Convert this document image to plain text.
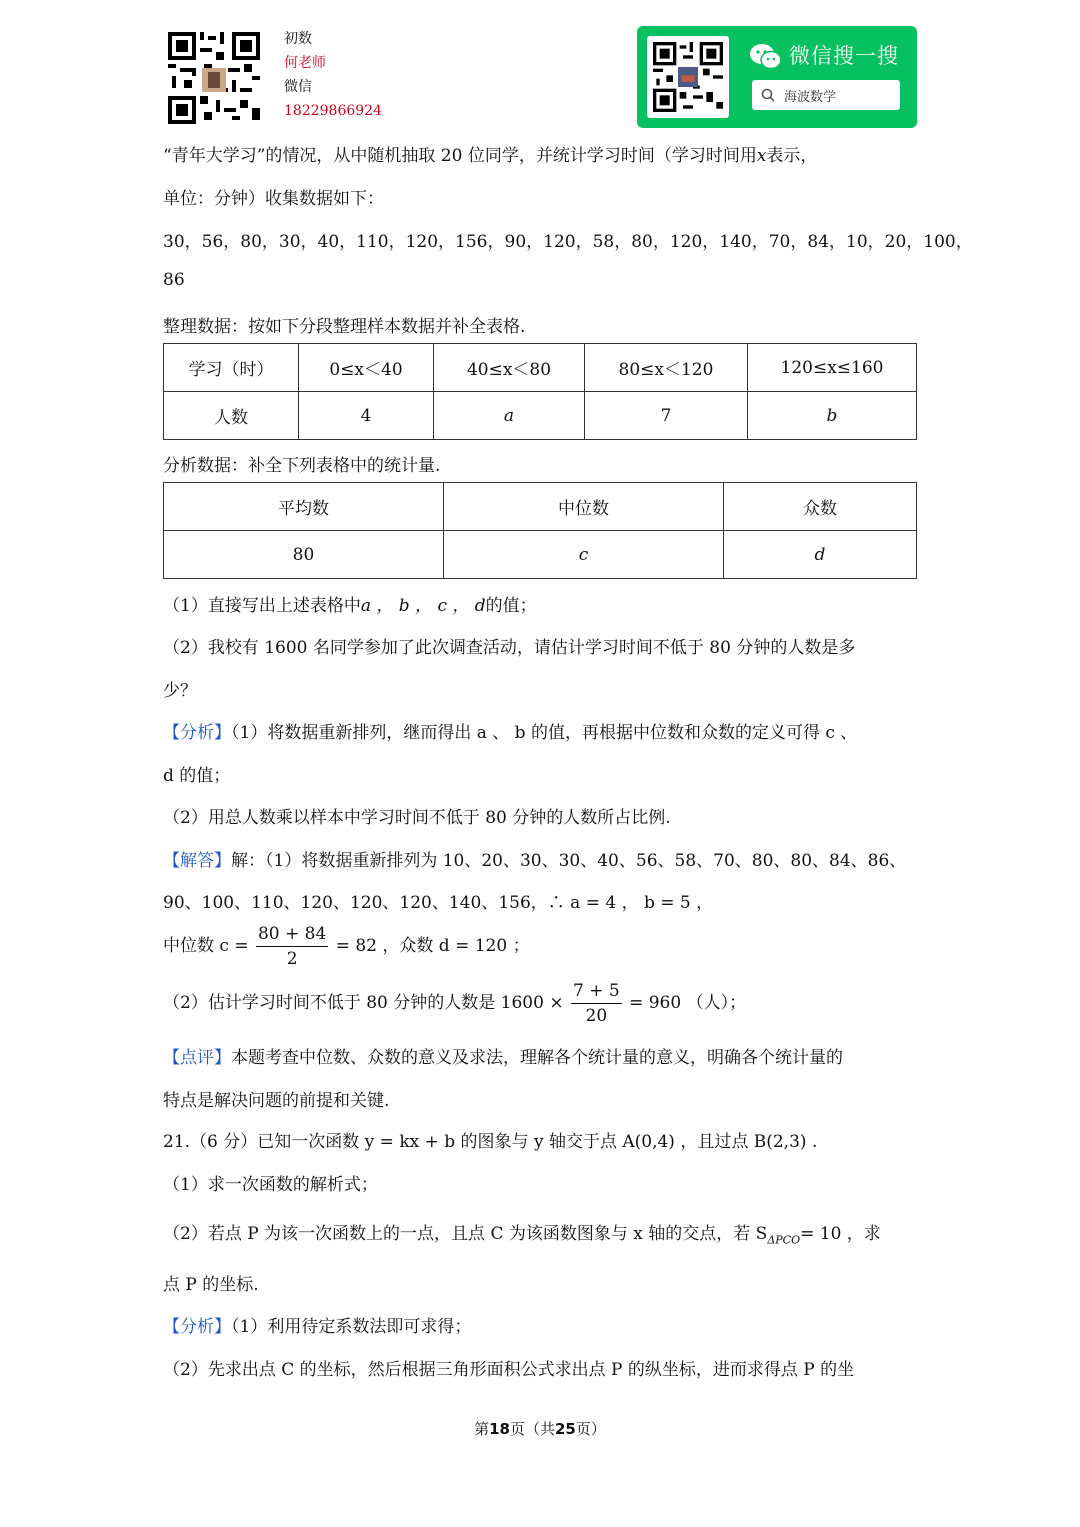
初数
何老师
微信
18229866924
微信搜一搜
海波数学
“青年大学习”的情况，从中随机抽取 20 位同学，并统计学习时间（学习时间用x表示，
单位：分钟）收集数据如下：
30，56，80，30，40，110，120，156，90，120，58，80，120，140，70，84，10，20，100，
86
整理数据：按如下分段整理样本数据并补全表格.
学习（时）	0≤x＜40	40≤x＜80	80≤x＜120	120≤x≤160
人数	4	a	7	b
分析数据：补全下列表格中的统计量.
平均数	中位数	众数
80	c	d
（1）直接写出上述表格中a ， b ， c ， d的值；
（2）我校有 1600 名同学参加了此次调查活动，请估计学习时间不低于 80 分钟的人数是多
少？
【分析】（1）将数据重新排列，继而得出 a 、 b 的值，再根据中位数和众数的定义可得 c 、
d 的值；
（2）用总人数乘以样本中学习时间不低于 80 分钟的人数所占比例.
【解答】解：（1）将数据重新排列为 10、20、30、30、40、56、58、70、80、80、84、86、
90、100、110、120、120、120、140、156，∴ a = 4 ， b = 5 ，
中位数 $c = \frac{80 + 84}{2} = 82$ ，众数 d = 120 ；
（2）估计学习时间不低于 80 分钟的人数是 $1600 \times \frac{7 + 5}{20} = 960$ （人）；
【点评】本题考查中位数、众数的意义及求法，理解各个统计量的意义，明确各个统计量的
特点是解决问题的前提和关键.
21.（6 分）已知一次函数 y = kx + b 的图象与 y 轴交于点 A(0,4) ，且过点 B(2,3) .
（1）求一次函数的解析式；
（2）若点 P 为该一次函数上的一点，且点 C 为该函数图象与 x 轴的交点，若 $S_{\Delta PCO}= 10$ ，求
点 P 的坐标.
【分析】（1）利用待定系数法即可求得；
（2）先求出点 C 的坐标，然后根据三角形面积公式求出点 P 的纵坐标，进而求得点 P 的坐
第18页（共25页）
